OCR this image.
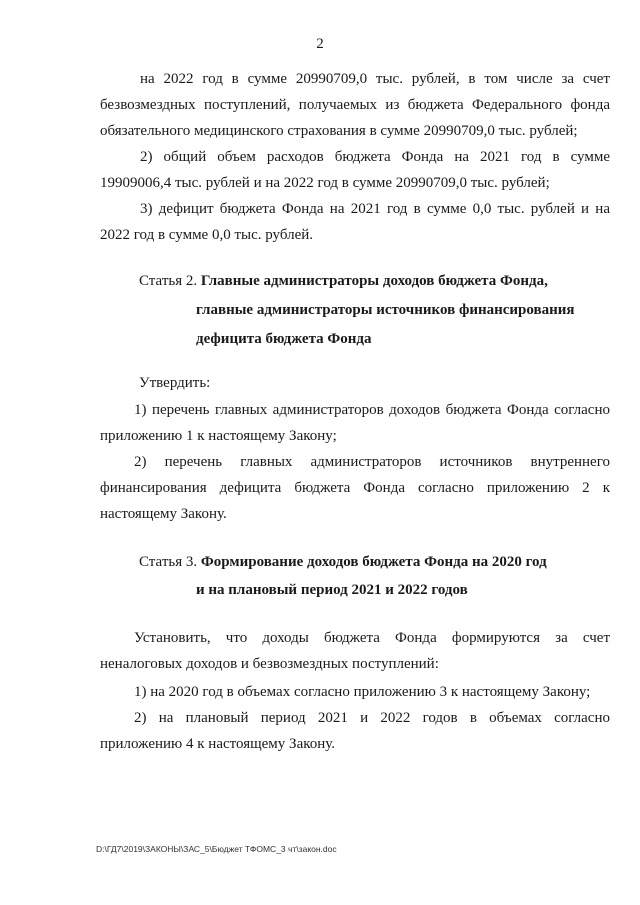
2
на 2022 год в сумме 20990709,0 тыс. рублей, в том числе за счет безвозмездных поступлений, получаемых из бюджета Федерального фонда обязательного медицинского страхования в сумме 20990709,0 тыс. рублей;
2) общий объем расходов бюджета Фонда на 2021 год в сумме 19909006,4 тыс. рублей и на 2022 год в сумме 20990709,0 тыс. рублей;
3) дефицит бюджета Фонда на 2021 год в сумме 0,0 тыс. рублей и на 2022 год в сумме 0,0 тыс. рублей.
Статья 2. Главные администраторы доходов бюджета Фонда,
главные администраторы источников финансирования
дефицита бюджета Фонда
Утвердить:
1) перечень главных администраторов доходов бюджета Фонда согласно приложению 1 к настоящему Закону;
2) перечень главных администраторов источников внутреннего финансирования дефицита бюджета Фонда согласно приложению 2 к настоящему Закону.
Статья 3. Формирование доходов бюджета Фонда на 2020 год
и на плановый период 2021 и 2022 годов
Установить, что доходы бюджета Фонда формируются за счет неналоговых доходов и безвозмездных поступлений:
1) на 2020 год в объемах согласно приложению 3 к настоящему Закону;
2) на плановый период 2021 и 2022 годов в объемах согласно приложению 4 к настоящему Закону.
D:\ГД7\2019\ЗАКОНЫ\ЗАС_5\Бюджет ТФОМС_3 чт\закон.doc
